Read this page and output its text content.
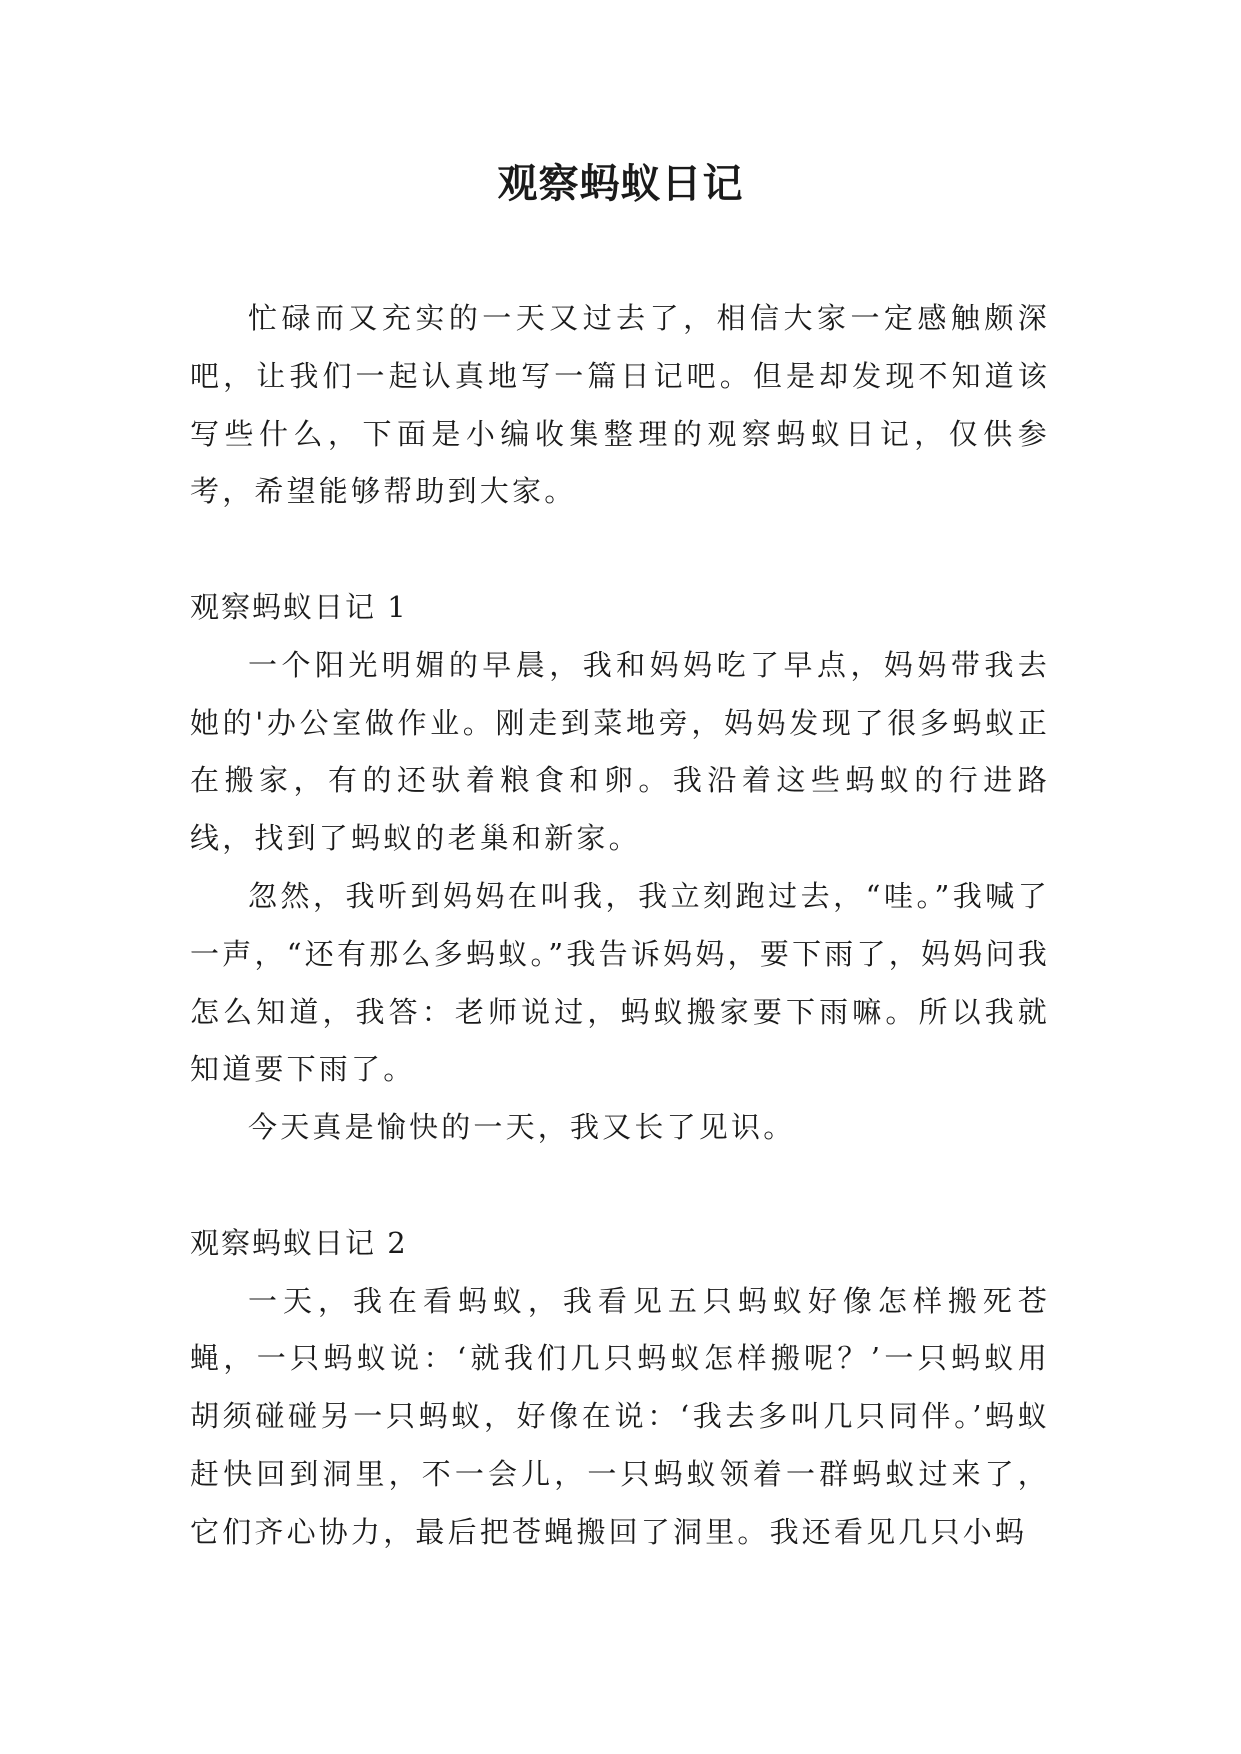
观察蚂蚁日记

忙碌而又充实的一天又过去了，相信大家一定感触颇深吧，让我们一起认真地写一篇日记吧。但是却发现不知道该写些什么，下面是小编收集整理的观察蚂蚁日记，仅供参考，希望能够帮助到大家。

观察蚂蚁日记 1

一个阳光明媚的早晨，我和妈妈吃了早点，妈妈带我去她的'办公室做作业。刚走到菜地旁，妈妈发现了很多蚂蚁正在搬家，有的还驮着粮食和卵。我沿着这些蚂蚁的行进路线，找到了蚂蚁的老巢和新家。

忽然，我听到妈妈在叫我，我立刻跑过去，“哇。”我喊了一声，“还有那么多蚂蚁。”我告诉妈妈，要下雨了，妈妈问我怎么知道，我答：老师说过，蚂蚁搬家要下雨嘛。所以我就知道要下雨了。

今天真是愉快的一天，我又长了见识。

观察蚂蚁日记 2

一天，我在看蚂蚁，我看见五只蚂蚁好像怎样搬死苍蝇，一只蚂蚁说：‘就我们几只蚂蚁怎样搬呢？’一只蚂蚁用胡须碰碰另一只蚂蚁，好像在说：‘我去多叫几只同伴。’蚂蚁赶快回到洞里，不一会儿，一只蚂蚁领着一群蚂蚁过来了，它们齐心协力，最后把苍蝇搬回了洞里。我还看见几只小蚂
